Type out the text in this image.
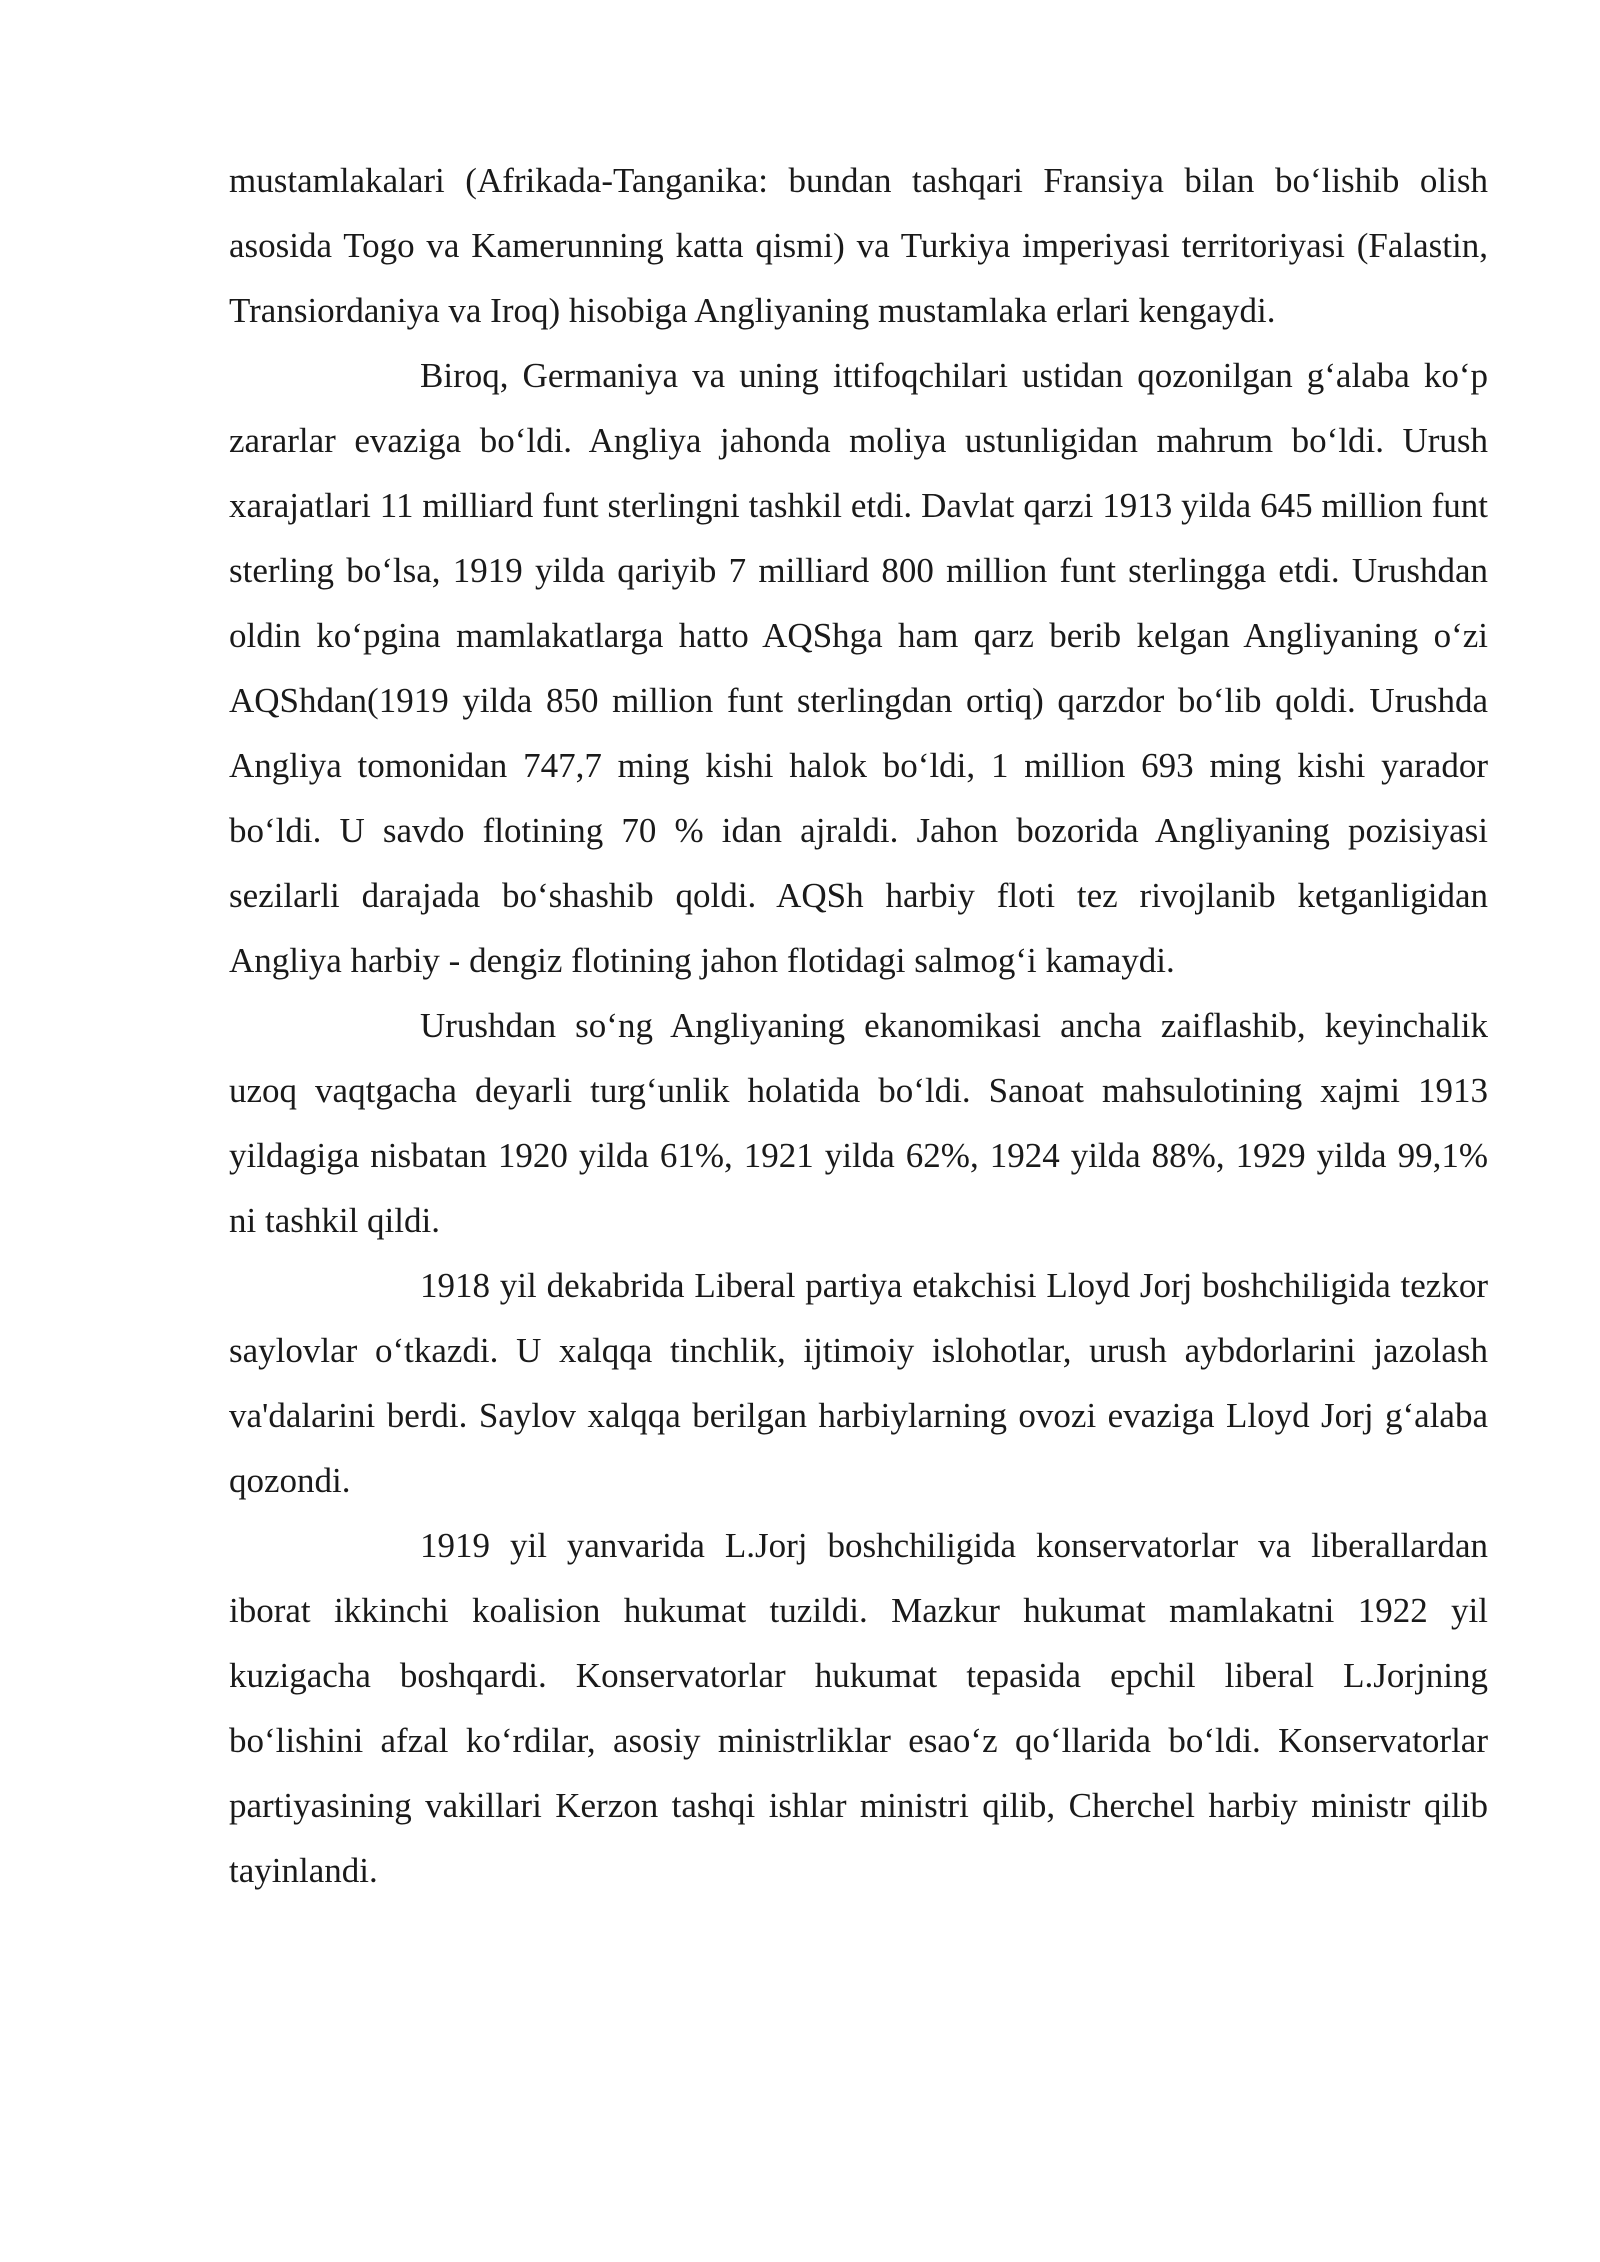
mustamlakalari (Afrikada-Tanganika: bundan tashqari Fransiya bilan bo‘lishib olish asosida Togo va Kamerunning katta qismi) va Turkiya imperiyasi territoriyasi (Falastin, Transiordaniya va Iroq) hisobiga Angliyaning mustamlaka erlari kengaydi.

Biroq, Germaniya va uning ittifoqchilari ustidan qozonilgan g‘alaba ko‘p zararlar evaziga bo‘ldi. Angliya jahonda moliya ustunligidan mahrum bo‘ldi. Urush xarajatlari 11 milliard funt sterlingni tashkil etdi. Davlat qarzi 1913 yilda 645 million funt sterling bo‘lsa, 1919 yilda qariyib 7 milliard 800 million funt sterlingga etdi. Urushdan oldin ko‘pgina mamlakatlarga hatto AQShga ham qarz berib kelgan Angliyaning o‘zi AQShdan(1919 yilda 850 million funt sterlingdan ortiq) qarzdor bo‘lib qoldi. Urushda Angliya tomonidan 747,7 ming kishi halok bo‘ldi, 1 million 693 ming kishi yarador bo‘ldi. U savdo flotining 70 % idan ajraldi. Jahon bozorida Angliyaning pozisiyasi sezilarli darajada bo‘shashib qoldi. AQSh harbiy floti tez rivojlanib ketganligidan Angliya harbiy - dengiz flotining jahon flotidagi salmog‘i kamaydi.

Urushdan so‘ng Angliyaning ekanomikasi ancha zaiflashib, keyinchalik uzoq vaqtgacha deyarli turg‘unlik holatida bo‘ldi. Sanoat mahsulotining xajmi 1913 yildagiga nisbatan 1920 yilda 61%, 1921 yilda 62%, 1924 yilda 88%, 1929 yilda 99,1% ni tashkil qildi.

1918 yil dekabrida Liberal partiya etakchisi Lloyd Jorj boshchiligida tezkor saylovlar o‘tkazdi. U xalqqa tinchlik, ijtimoiy islohotlar, urush aybdorlarini jazolash va'dalarini berdi. Saylov xalqqa berilgan harbiylarning ovozi evaziga Lloyd Jorj g‘alaba qozondi.

1919 yil yanvarida L.Jorj boshchiligida konservatorlar va liberallardan iborat ikkinchi koalision hukumat tuzildi. Mazkur hukumat mamlakatni 1922 yil kuzigacha boshqardi. Konservatorlar hukumat tepasida epchil liberal L.Jorjning bo‘lishini afzal ko‘rdilar, asosiy ministrliklar esao‘z qo‘llarida bo‘ldi. Konservatorlar partiyasining vakillari Kerzon tashqi ishlar ministri qilib, Cherchel harbiy ministr qilib tayinlandi.
